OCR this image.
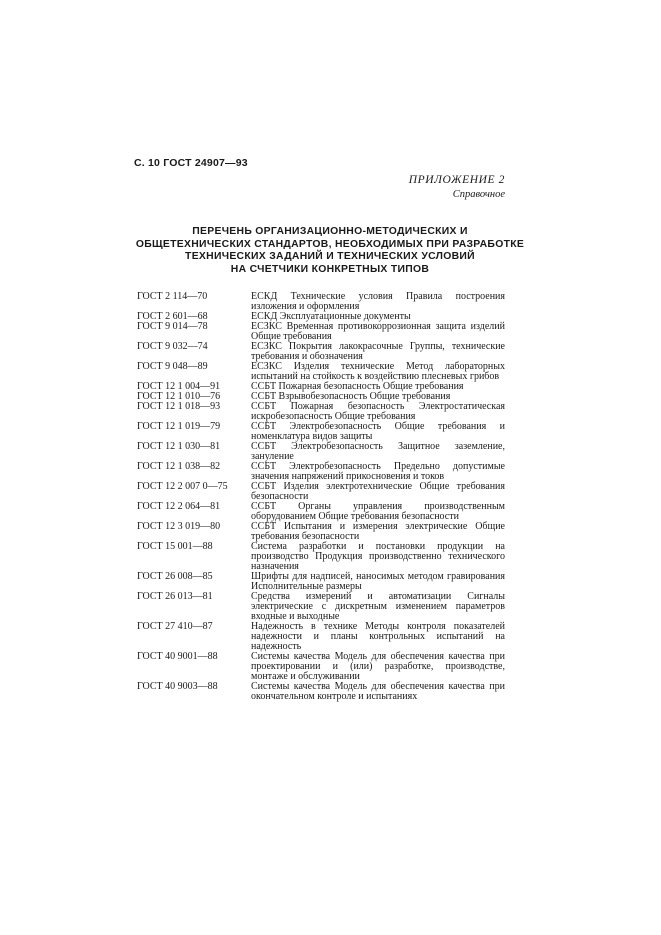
С. 10 ГОСТ 24907—93
ПРИЛОЖЕНИЕ 2
Справочное
ПЕРЕЧЕНЬ ОРГАНИЗАЦИОННО-МЕТОДИЧЕСКИХ И
ОБЩЕТЕХНИЧЕСКИХ СТАНДАРТОВ, НЕОБХОДИМЫХ ПРИ РАЗРАБОТКЕ
ТЕХНИЧЕСКИХ ЗАДАНИЙ И ТЕХНИЧЕСКИХ УСЛОВИЙ
НА СЧЕТЧИКИ КОНКРЕТНЫХ ТИПОВ
ГОСТ 2 114—70	ЕСКД Технические условия Правила построения изложения и оформления
ГОСТ 2 601—68	ЕСКД Эксплуатационные документы
ГОСТ 9 014—78	ЕСЗКС Временная противокоррозионная защита изделий Общие требования
ГОСТ 9 032—74	ЕСЗКС Покрытия лакокрасочные Группы, технические требования и обозначения
ГОСТ 9 048—89	ЕСЗКС Изделия технические Метод лабораторных испытаний на стойкость к воздействию плесневых грибов
ГОСТ 12 1 004—91	ССБТ Пожарная безопасность Общие требования
ГОСТ 12 1 010—76	ССБТ Взрывобезопасность Общие требования
ГОСТ 12 1 018—93	ССБТ Пожарная безопасность Электростатическая искробезопасность Общие требования
ГОСТ 12 1 019—79	ССБТ Электробезопасность Общие требования и номенклатура видов защиты
ГОСТ 12 1 030—81	ССБТ Электробезопасность Защитное заземление, зануление
ГОСТ 12 1 038—82	ССБТ Электробезопасность Предельно допустимые значения напряжений прикосновения и токов
ГОСТ 12 2 007 0—75	ССБТ Изделия электротехнические Общие требования безопасности
ГОСТ 12 2 064—81	ССБТ Органы управления производственным оборудованием Общие требования безопасности
ГОСТ 12 3 019—80	ССБТ Испытания и измерения электрические Общие требования безопасности
ГОСТ 15 001—88	Система разработки и постановки продукции на производство Продукция производственно технического назначения
ГОСТ 26 008—85	Шрифты для надписей, наносимых методом гравирования Исполнительные размеры
ГОСТ 26 013—81	Средства измерений и автоматизации Сигналы электрические с дискретным изменением параметров входные и выходные
ГОСТ 27 410—87	Надежность в технике Методы контроля показателей надежности и планы контрольных испытаний на надежность
ГОСТ 40 9001—88	Системы качества Модель для обеспечения качества при проектировании и (или) разработке, производстве, монтаже и обслуживании
ГОСТ 40 9003—88	Системы качества Модель для обеспечения качества при окончательном контроле и испытаниях
